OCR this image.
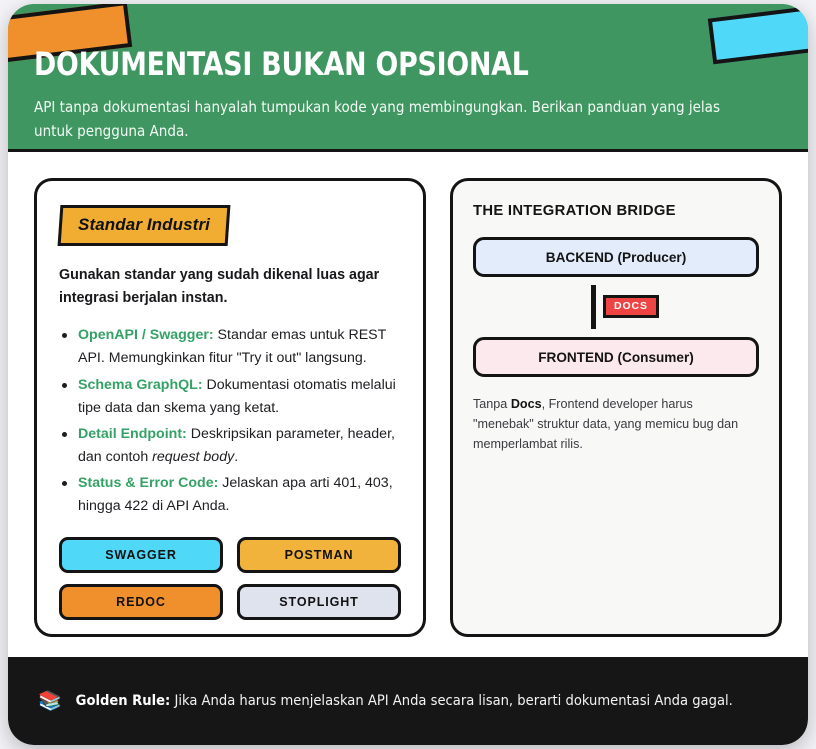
DOKUMENTASI BUKAN OPSIONAL

API tanpa dokumentasi hanyalah tumpukan kode yang membingungkan. Berikan panduan yang jelas untuk pengguna Anda.

Standar Industri

Gunakan standar yang sudah dikenal luas agar integrasi berjalan instan.

OpenAPI / Swagger: Standar emas untuk REST API. Memungkinkan fitur "Try it out" langsung.
Schema GraphQL: Dokumentasi otomatis melalui tipe data dan skema yang ketat.
Detail Endpoint: Deskripsikan parameter, header, dan contoh request body.
Status & Error Code: Jelaskan apa arti 401, 403, hingga 422 di API Anda.
SWAGGER	POSTMAN
REDOC	STOPLIGHT
THE INTEGRATION BRIDGE
BACKEND (Producer)
DOCS
FRONTEND (Consumer)

Tanpa Docs, Frontend developer harus "menebak" struktur data, yang memicu bug dan memperlambat rilis.

📚 Golden Rule: Jika Anda harus menjelaskan API Anda secara lisan, berarti dokumentasi Anda gagal.
